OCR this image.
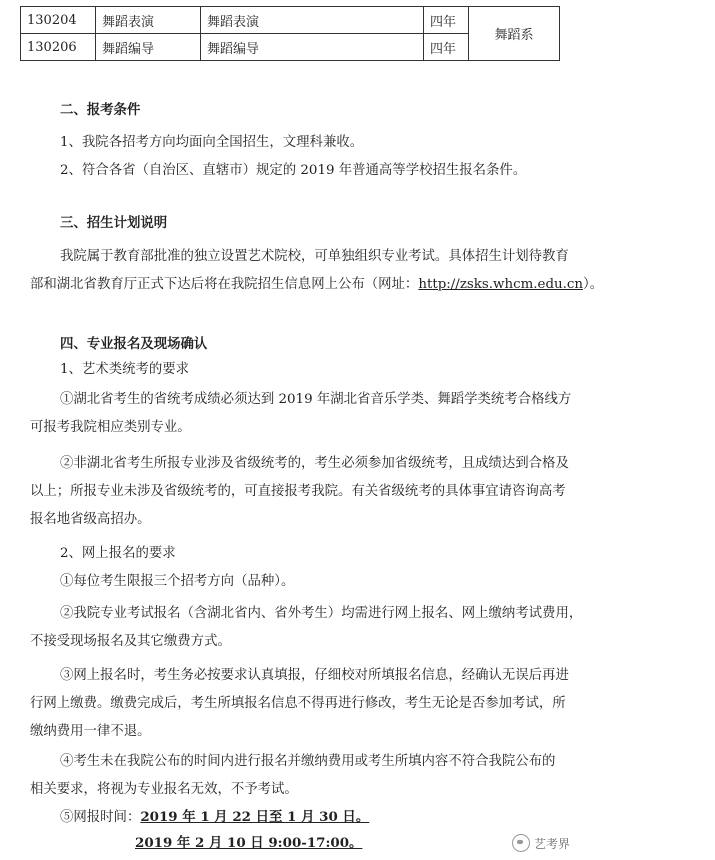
130204	舞蹈表演	舞蹈表演	四年	舞蹈系
130206	舞蹈编导	舞蹈编导	四年	
二、报考条件
1、我院各招考方向均面向全国招生，文理科兼收。
2、符合各省（自治区、直辖市）规定的 2019 年普通高等学校招生报名条件。
三、招生计划说明
我院属于教育部批准的独立设置艺术院校，可单独组织专业考试。具体招生计划待教育
部和湖北省教育厅正式下达后将在我院招生信息网上公布（网址：http://zsks.whcm.edu.cn）。
四、专业报名及现场确认
1、艺术类统考的要求
①湖北省考生的省统考成绩必须达到 2019 年湖北省音乐学类、舞蹈学类统考合格线方
可报考我院相应类别专业。
②非湖北省考生所报专业涉及省级统考的，考生必须参加省级统考，且成绩达到合格及
以上；所报专业未涉及省级统考的，可直接报考我院。有关省级统考的具体事宜请咨询高考
报名地省级高招办。
2、网上报名的要求
①每位考生限报三个招考方向（品种）。
②我院专业考试报名（含湖北省内、省外考生）均需进行网上报名、网上缴纳考试费用，
不接受现场报名及其它缴费方式。
③网上报名时，考生务必按要求认真填报，仔细校对所填报名信息，经确认无误后再进
行网上缴费。缴费完成后，考生所填报名信息不得再进行修改，考生无论是否参加考试，所
缴纳费用一律不退。
④考生未在我院公布的时间内进行报名并缴纳费用或考生所填内容不符合我院公布的
相关要求，将视为专业报名无效，不予考试。
⑤网报时间：2019 年 1 月 22 日至 1 月 30 日。
2019 年 2 月 10 日 9:00-17:00。	艺考界
